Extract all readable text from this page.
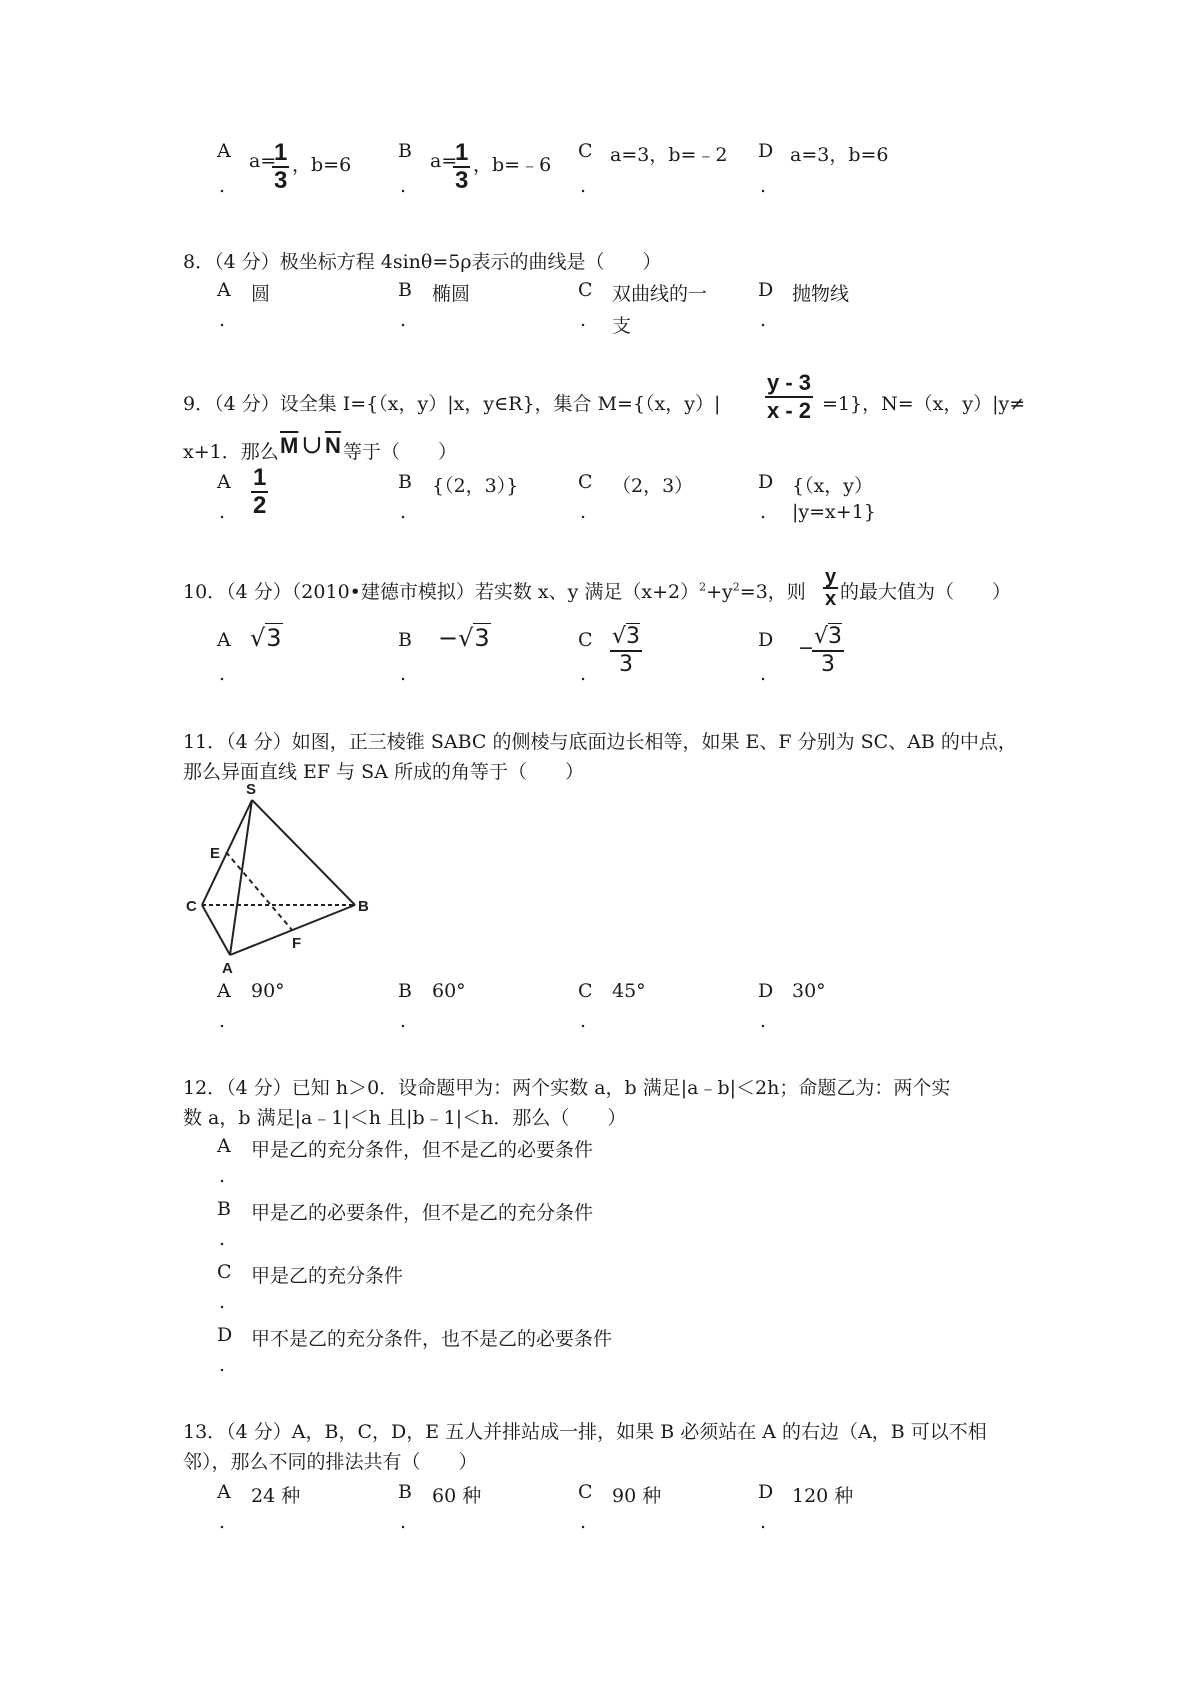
A a=
$\frac{1}{3}$ ，b=6
.
B a=
$\frac{1}{3}$ ，b=﹣6
.
C a=3，b=﹣2
.
D a=3，b=6
.
8．（4 分）极坐标方程 4sinθ=5ρ表示的曲线是（　　）
A 圆
.
B 椭圆
.
C 双曲线的一
. 支
D 抛物线
.
9．（4 分）设全集 I={（x，y）|x，y∈R}，集合 M={（x，$y)| \frac{y - 3}{x - 2} =1$}，N=（x，y）|y≠
x+1．那么 $\overline{M}$ ∪ $\overline{N}$ 等于（　　）
A $\frac{1}{2}$
.
B {（2，3）}
.
C （2，3）
.
D {（x，y）
. |y=x+1}
10．（4 分）（2010•建德市模拟）若实数 x、y 满足$(x+2)^2+y^2=3$，则 $\frac{y}{x}$ 的最大值为（　　）
A √3
.
B −√3
.
C $\frac{√3}{3}$
.
D −
$\frac{√3}{3}$
.
11．（4 分）如图，正三棱锥 SABC 的侧棱与底面边长相等，如果 E、F 分别为 SC、AB 的中点，
那么异面直线 EF 与 SA 所成的角等于（　　）
S
E
C	B
F
A
A 90°
.
B 60°
.
C 45°
.
D 30°
.
12．（4 分）已知 h＞0．设命题甲为：两个实数 a，b 满足|a﹣b|＜2h；命题乙为：两个实
数 a，b 满足|a﹣1|＜h 且|b﹣1|＜h．那么（　　）
A 甲是乙的充分条件，但不是乙的必要条件
.
B 甲是乙的必要条件，但不是乙的充分条件
.
C 甲是乙的充分条件
.
D 甲不是乙的充分条件，也不是乙的必要条件
.
13．（4 分）A，B，C，D，E 五人并排站成一排，如果 B 必须站在 A 的右边（A，B 可以不相
邻），那么不同的排法共有（　　）
A 24 种
.
B 60 种
.
C 90 种
.
D 120 种
.
